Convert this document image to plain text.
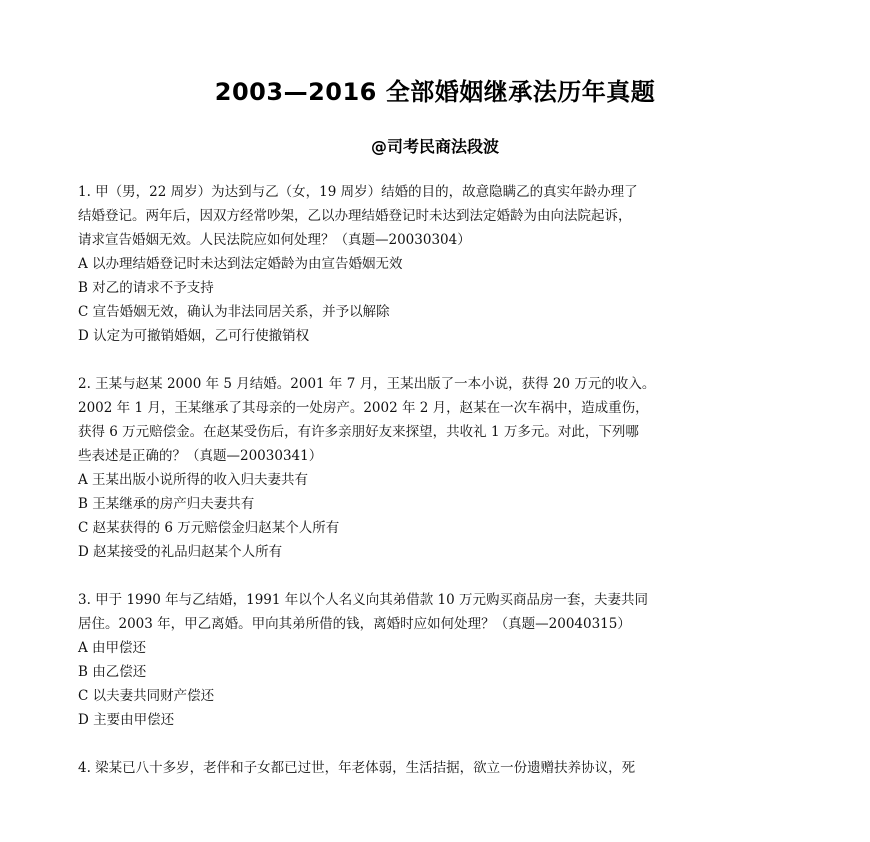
2003—2016 全部婚姻继承法历年真题
@司考民商法段波
1. 甲（男，22 周岁）为达到与乙（女，19 周岁）结婚的目的，故意隐瞒乙的真实年龄办理了
结婚登记。两年后，因双方经常吵架，乙以办理结婚登记时未达到法定婚龄为由向法院起诉，
请求宣告婚姻无效。人民法院应如何处理？（真题—20030304）
A 以办理结婚登记时未达到法定婚龄为由宣告婚姻无效
B 对乙的请求不予支持
C 宣告婚姻无效，确认为非法同居关系，并予以解除
D 认定为可撤销婚姻，乙可行使撤销权
2. 王某与赵某 2000 年 5 月结婚。2001 年 7 月，王某出版了一本小说，获得 20 万元的收入。
2002 年 1 月，王某继承了其母亲的一处房产。2002 年 2 月，赵某在一次车祸中，造成重伤，
获得 6 万元赔偿金。在赵某受伤后，有许多亲朋好友来探望，共收礼 1 万多元。对此，下列哪
些表述是正确的？（真题—20030341）
A 王某出版小说所得的收入归夫妻共有
B 王某继承的房产归夫妻共有
C 赵某获得的 6 万元赔偿金归赵某个人所有
D 赵某接受的礼品归赵某个人所有
3. 甲于 1990 年与乙结婚，1991 年以个人名义向其弟借款 10 万元购买商品房一套，夫妻共同
居住。2003 年，甲乙离婚。甲向其弟所借的钱，离婚时应如何处理？（真题—20040315）
A 由甲偿还
B 由乙偿还
C 以夫妻共同财产偿还
D 主要由甲偿还
4. 梁某已八十多岁，老伴和子女都已过世，年老体弱，生活拮据，欲立一份遗赠扶养协议，死
